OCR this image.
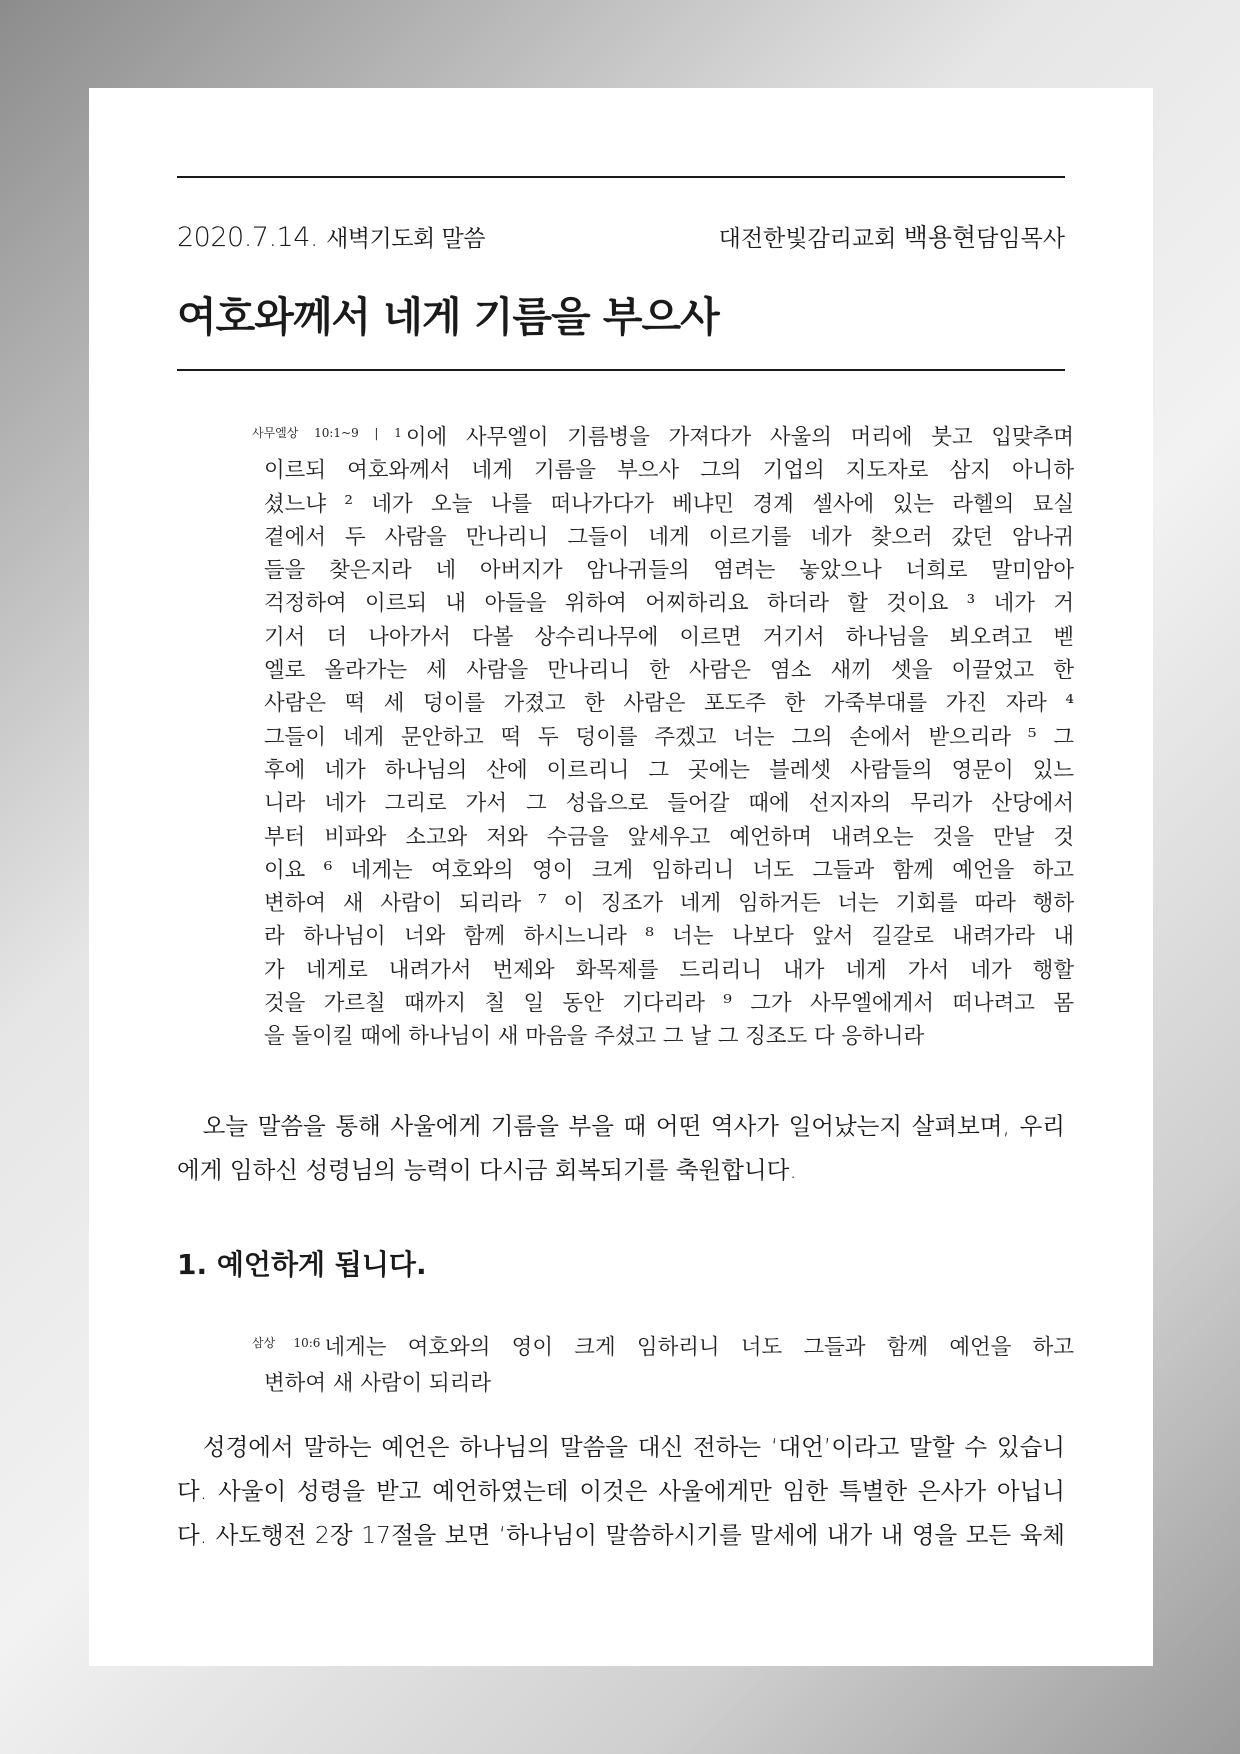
2020.7.14. 새벽기도회 말씀	대전한빛감리교회 백용현담임목사
여호와께서 네게 기름을 부으사
$^{사무엘상 10:1\sim 9 | 1}$ 이에 사무엘이 기름병을 가져다가 사울의 머리에 붓고 입맞추며
이르되 여호와께서 네게 기름을 부으사 그의 기업의 지도자로 삼지 아니하
셨느냐 ² 네가 오늘 나를 떠나가다가 베냐민 경계 셀사에 있는 라헬의 묘실
곁에서 두 사람을 만나리니 그들이 네게 이르기를 네가 찾으러 갔던 암나귀
들을 찾은지라 네 아버지가 암나귀들의 염려는 놓았으나 너희로 말미암아
걱정하여 이르되 내 아들을 위하여 어찌하리요 하더라 할 것이요 ³ 네가 거
기서 더 나아가서 다볼 상수리나무에 이르면 거기서 하나님을 뵈오려고 벧
엘로 올라가는 세 사람을 만나리니 한 사람은 염소 새끼 셋을 이끌었고 한
사람은 떡 세 덩이를 가졌고 한 사람은 포도주 한 가죽부대를 가진 자라 ⁴
그들이 네게 문안하고 떡 두 덩이를 주겠고 너는 그의 손에서 받으리라 ⁵ 그
후에 네가 하나님의 산에 이르리니 그 곳에는 블레셋 사람들의 영문이 있느
니라 네가 그리로 가서 그 성읍으로 들어갈 때에 선지자의 무리가 산당에서
부터 비파와 소고와 저와 수금을 앞세우고 예언하며 내려오는 것을 만날 것
이요 ⁶ 네게는 여호와의 영이 크게 임하리니 너도 그들과 함께 예언을 하고
변하여 새 사람이 되리라 ⁷ 이 징조가 네게 임하거든 너는 기회를 따라 행하
라 하나님이 너와 함께 하시느니라 ⁸ 너는 나보다 앞서 길갈로 내려가라 내
가 네게로 내려가서 번제와 화목제를 드리리니 내가 네게 가서 네가 행할
것을 가르칠 때까지 칠 일 동안 기다리라 ⁹ 그가 사무엘에게서 떠나려고 몸
을 돌이킬 때에 하나님이 새 마음을 주셨고 그 날 그 징조도 다 응하니라
　오늘 말씀을 통해 사울에게 기름을 부을 때 어떤 역사가 일어났는지 살펴보며, 우리
에게 임하신 성령님의 능력이 다시금 회복되기를 축원합니다.
1. 예언하게 됩니다.
$^{삼상 10:6}$ 네게는 여호와의 영이 크게 임하리니 너도 그들과 함께 예언을 하고
변하여 새 사람이 되리라
　성경에서 말하는 예언은 하나님의 말씀을 대신 전하는 ‘대언’이라고 말할 수 있습니
다. 사울이 성령을 받고 예언하였는데 이것은 사울에게만 임한 특별한 은사가 아닙니
다. 사도행전 2장 17절을 보면 ‘하나님이 말씀하시기를 말세에 내가 내 영을 모든 육체
